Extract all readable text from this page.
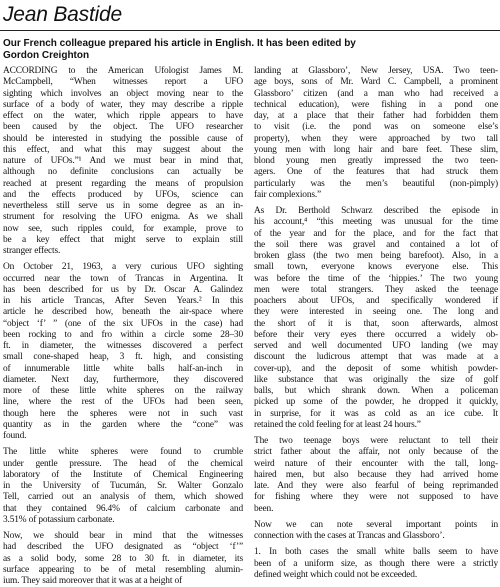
Jean Bastide
Our French colleague prepared his article in English. It has been edited by
Gordon Creighton
ACCORDING to the American Ufologist James M.
McCampbell, “When witnesses report a UFO
sighting which involves an object moving near to the
surface of a body of water, they may describe a ripple
effect on the water, which ripple appears to have
been caused by the object. The UFO researcher
should be interested in studying the possible cause of
this effect, and what this may suggest about the
nature of UFOs.”¹ And we must bear in mind that,
although no definite conclusions can actually be
reached at present regarding the means of propulsion
and the effects produced by UFOs, science can
nevertheless still serve us in some degree as an in-
strument for resolving the UFO enigma. As we shall
now see, such ripples could, for example, prove to
be a key effect that might serve to explain still
stranger effects.
On October 21, 1963, a very curious UFO sighting
occurred near the town of Trancas in Argentina. It
has been described for us by Dr. Oscar A. Galindez
in his article Trancas, After Seven Years.² In this
article he described how, beneath the air-space where
“object ‘f’ ” (one of the six UFOs in the case) had
been rocking to and fro within a circle some 28–30
ft. in diameter, the witnesses discovered a perfect
small cone-shaped heap, 3 ft. high, and consisting
of innumerable little white balls half-an-inch in
diameter. Next day, furthermore, they discovered
more of these little white spheres on the railway
line, where the rest of the UFOs had been seen,
though here the spheres were not in such vast
quantity as in the garden where the “cone” was
found.
The little white spheres were found to crumble
under gentle pressure. The head of the chemical
laboratory of the Institute of Chemical Engineering
in the University of Tucumán, Sr. Walter Gonzalo
Tell, carried out an analysis of them, which showed
that they contained 96.4% of calcium carbonate and
3.51% of potassium carbonate.
Now, we should bear in mind that the witnesses
had described the UFO designated as “object ‘f’”
as a solid body, some 28 to 30 ft. in diameter, its
surface appearing to be of metal resembling alumin-
ium. They said moreover that it was at a height of
landing at Glassboro’, New Jersey, USA. Two teen-
age boys, sons of Mr. Ward C. Campbell, a prominent
Glassboro’ citizen (and a man who had received a
technical education), were fishing in a pond one
day, at a place that their father had forbidden them
to visit (i.e. the pond was on someone else’s
property), when they were approached by two tall
young men with long hair and bare feet. These slim,
blond young men greatly impressed the two teen-
agers. One of the features that had struck them
particularly was the men’s beautiful (non-pimply)
fair complexions.”
As Dr. Berthold Schwarz described the episode in
his account,⁴ “this meeting was unusual for the time
of the year and for the place, and for the fact that
the soil there was gravel and contained a lot of
broken glass (the two men being barefoot). Also, in a
small town, everyone knows everyone else. This
was before the time of the ‘hippies.’ The two young
men were total strangers. They asked the teenage
poachers about UFOs, and specifically wondered if
they were interested in seeing one. The long and
the short of it is that, soon afterwards, almost
before their very eyes there occurred a widely ob-
served and well documented UFO landing (we may
discount the ludicrous attempt that was made at a
cover-up), and the deposit of some whitish powder-
like substance that was originally the size of golf
balls, but which shrank down. When a policeman
picked up some of the powder, he dropped it quickly,
in surprise, for it was as cold as an ice cube. It
retained the cold feeling for at least 24 hours.”
The two teenage boys were reluctant to tell their
strict father about the affair, not only because of the
weird nature of their encounter with the tall, long-
haired men, but also because they had arrived home
late. And they were also fearful of being reprimanded
for fishing where they were not supposed to have
been.
Now we can note several important points in
connection with the cases at Trancas and Glassboro’.
1. In both cases the small white balls seem to have
been of a uniform size, as though there were a strictly
defined weight which could not be exceeded.
